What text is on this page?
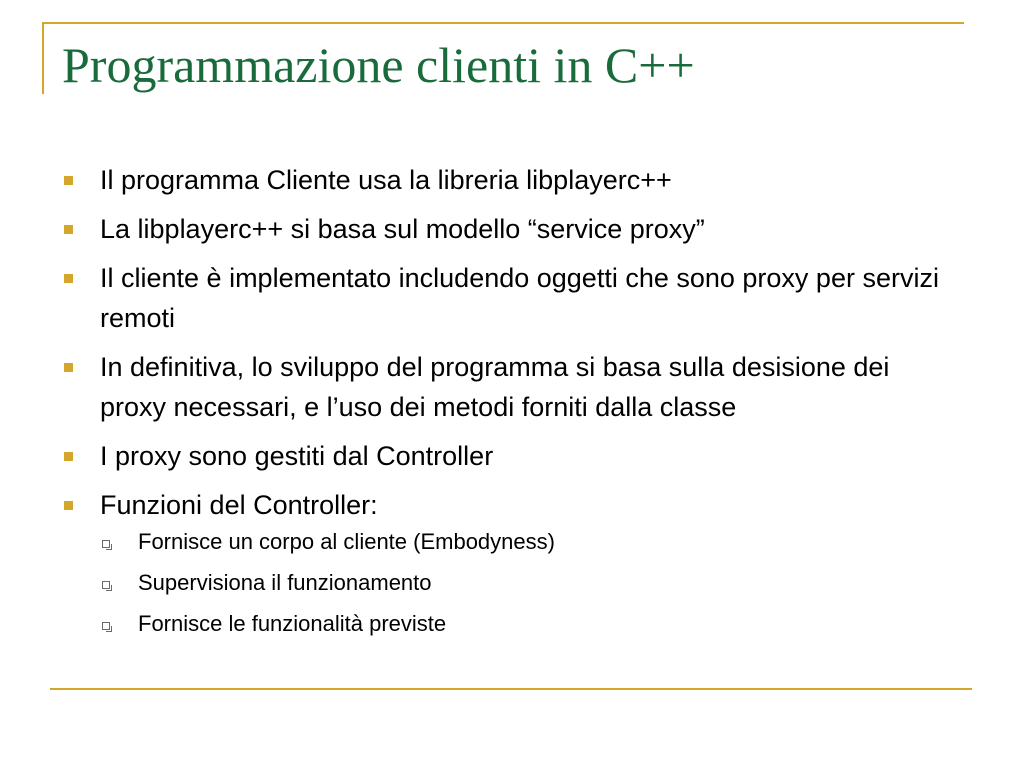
Programmazione clienti in C++
Il programma Cliente usa la libreria libplayerc++
La libplayerc++ si basa sul modello “service proxy”
Il cliente è implementato includendo oggetti che sono proxy per servizi remoti
In definitiva, lo sviluppo del programma si basa sulla desisione dei proxy necessari, e l’uso dei metodi forniti dalla classe
I proxy sono gestiti dal Controller
Funzioni del Controller:
Fornisce un corpo al cliente (Embodyness)
Supervisiona il funzionamento
Fornisce le funzionalità previste
